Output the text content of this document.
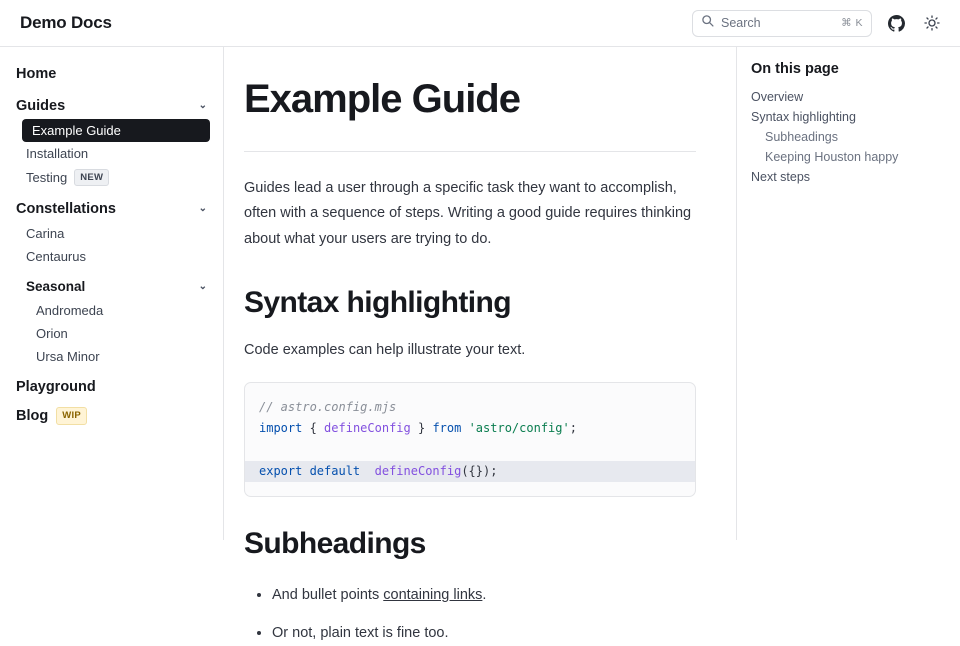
Demo Docs	Search	⌘ K
Home
Guides	⌄
Example Guide
Installation
Testing	NEW
Constellations	⌄
Carina
Centaurus
Seasonal	⌄
Andromeda
Orion
Ursa Minor
Playground
Blog	WIP
Example Guide

Guides lead a user through a specific task they want to accomplish, often with a sequence of steps. Writing a good guide requires thinking about what your users are trying to do.

Syntax highlighting

Code examples can help illustrate your text.

// astro.config.mjs
import { defineConfig } from 'astro/config';
export default  defineConfig({});
Subheadings
• And bullet points containing links.
• Or not, plain text is fine too.
On this page
Overview
Syntax highlighting
Subheadings
Keeping Houston happy
Next steps
